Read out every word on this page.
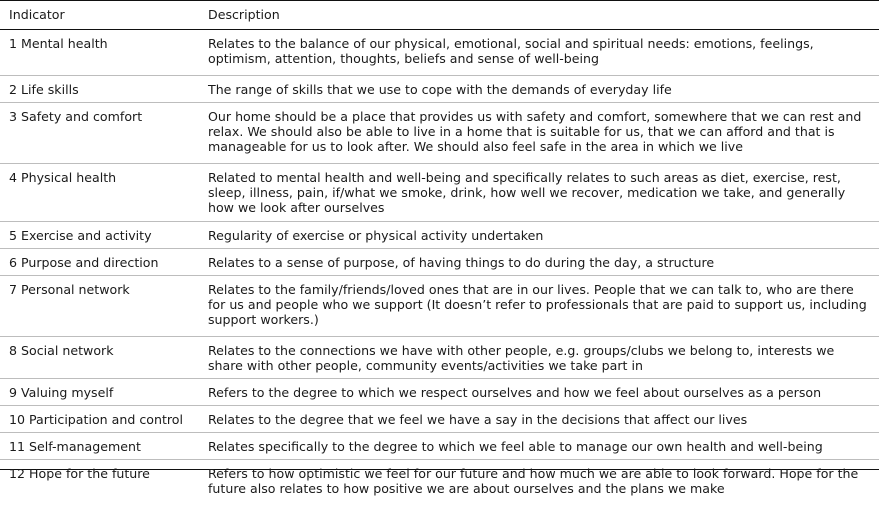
Indicator	Description
1 Mental health	Relates to the balance of our physical, emotional, social and spiritual needs: emotions, feelings, optimism, attention, thoughts, beliefs and sense of well-being
2 Life skills	The range of skills that we use to cope with the demands of everyday life
3 Safety and comfort	Our home should be a place that provides us with safety and comfort, somewhere that we can rest and relax. We should also be able to live in a home that is suitable for us, that we can afford and that is manageable for us to look after. We should also feel safe in the area in which we live
4 Physical health	Related to mental health and well-being and specifically relates to such areas as diet, exercise, rest, sleep, illness, pain, if/what we smoke, drink, how well we recover, medication we take, and generally how we look after ourselves
5 Exercise and activity	Regularity of exercise or physical activity undertaken
6 Purpose and direction	Relates to a sense of purpose, of having things to do during the day, a structure
7 Personal network	Relates to the family/friends/loved ones that are in our lives. People that we can talk to, who are there for us and people who we support (It doesn’t refer to professionals that are paid to support us, including support workers.)
8 Social network	Relates to the connections we have with other people, e.g. groups/clubs we belong to, interests we share with other people, community events/activities we take part in
9 Valuing myself	Refers to the degree to which we respect ourselves and how we feel about ourselves as a person
10 Participation and control	Relates to the degree that we feel we have a say in the decisions that affect our lives
11 Self-management	Relates specifically to the degree to which we feel able to manage our own health and well-being
12 Hope for the future	Refers to how optimistic we feel for our future and how much we are able to look forward. Hope for the future also relates to how positive we are about ourselves and the plans we make
